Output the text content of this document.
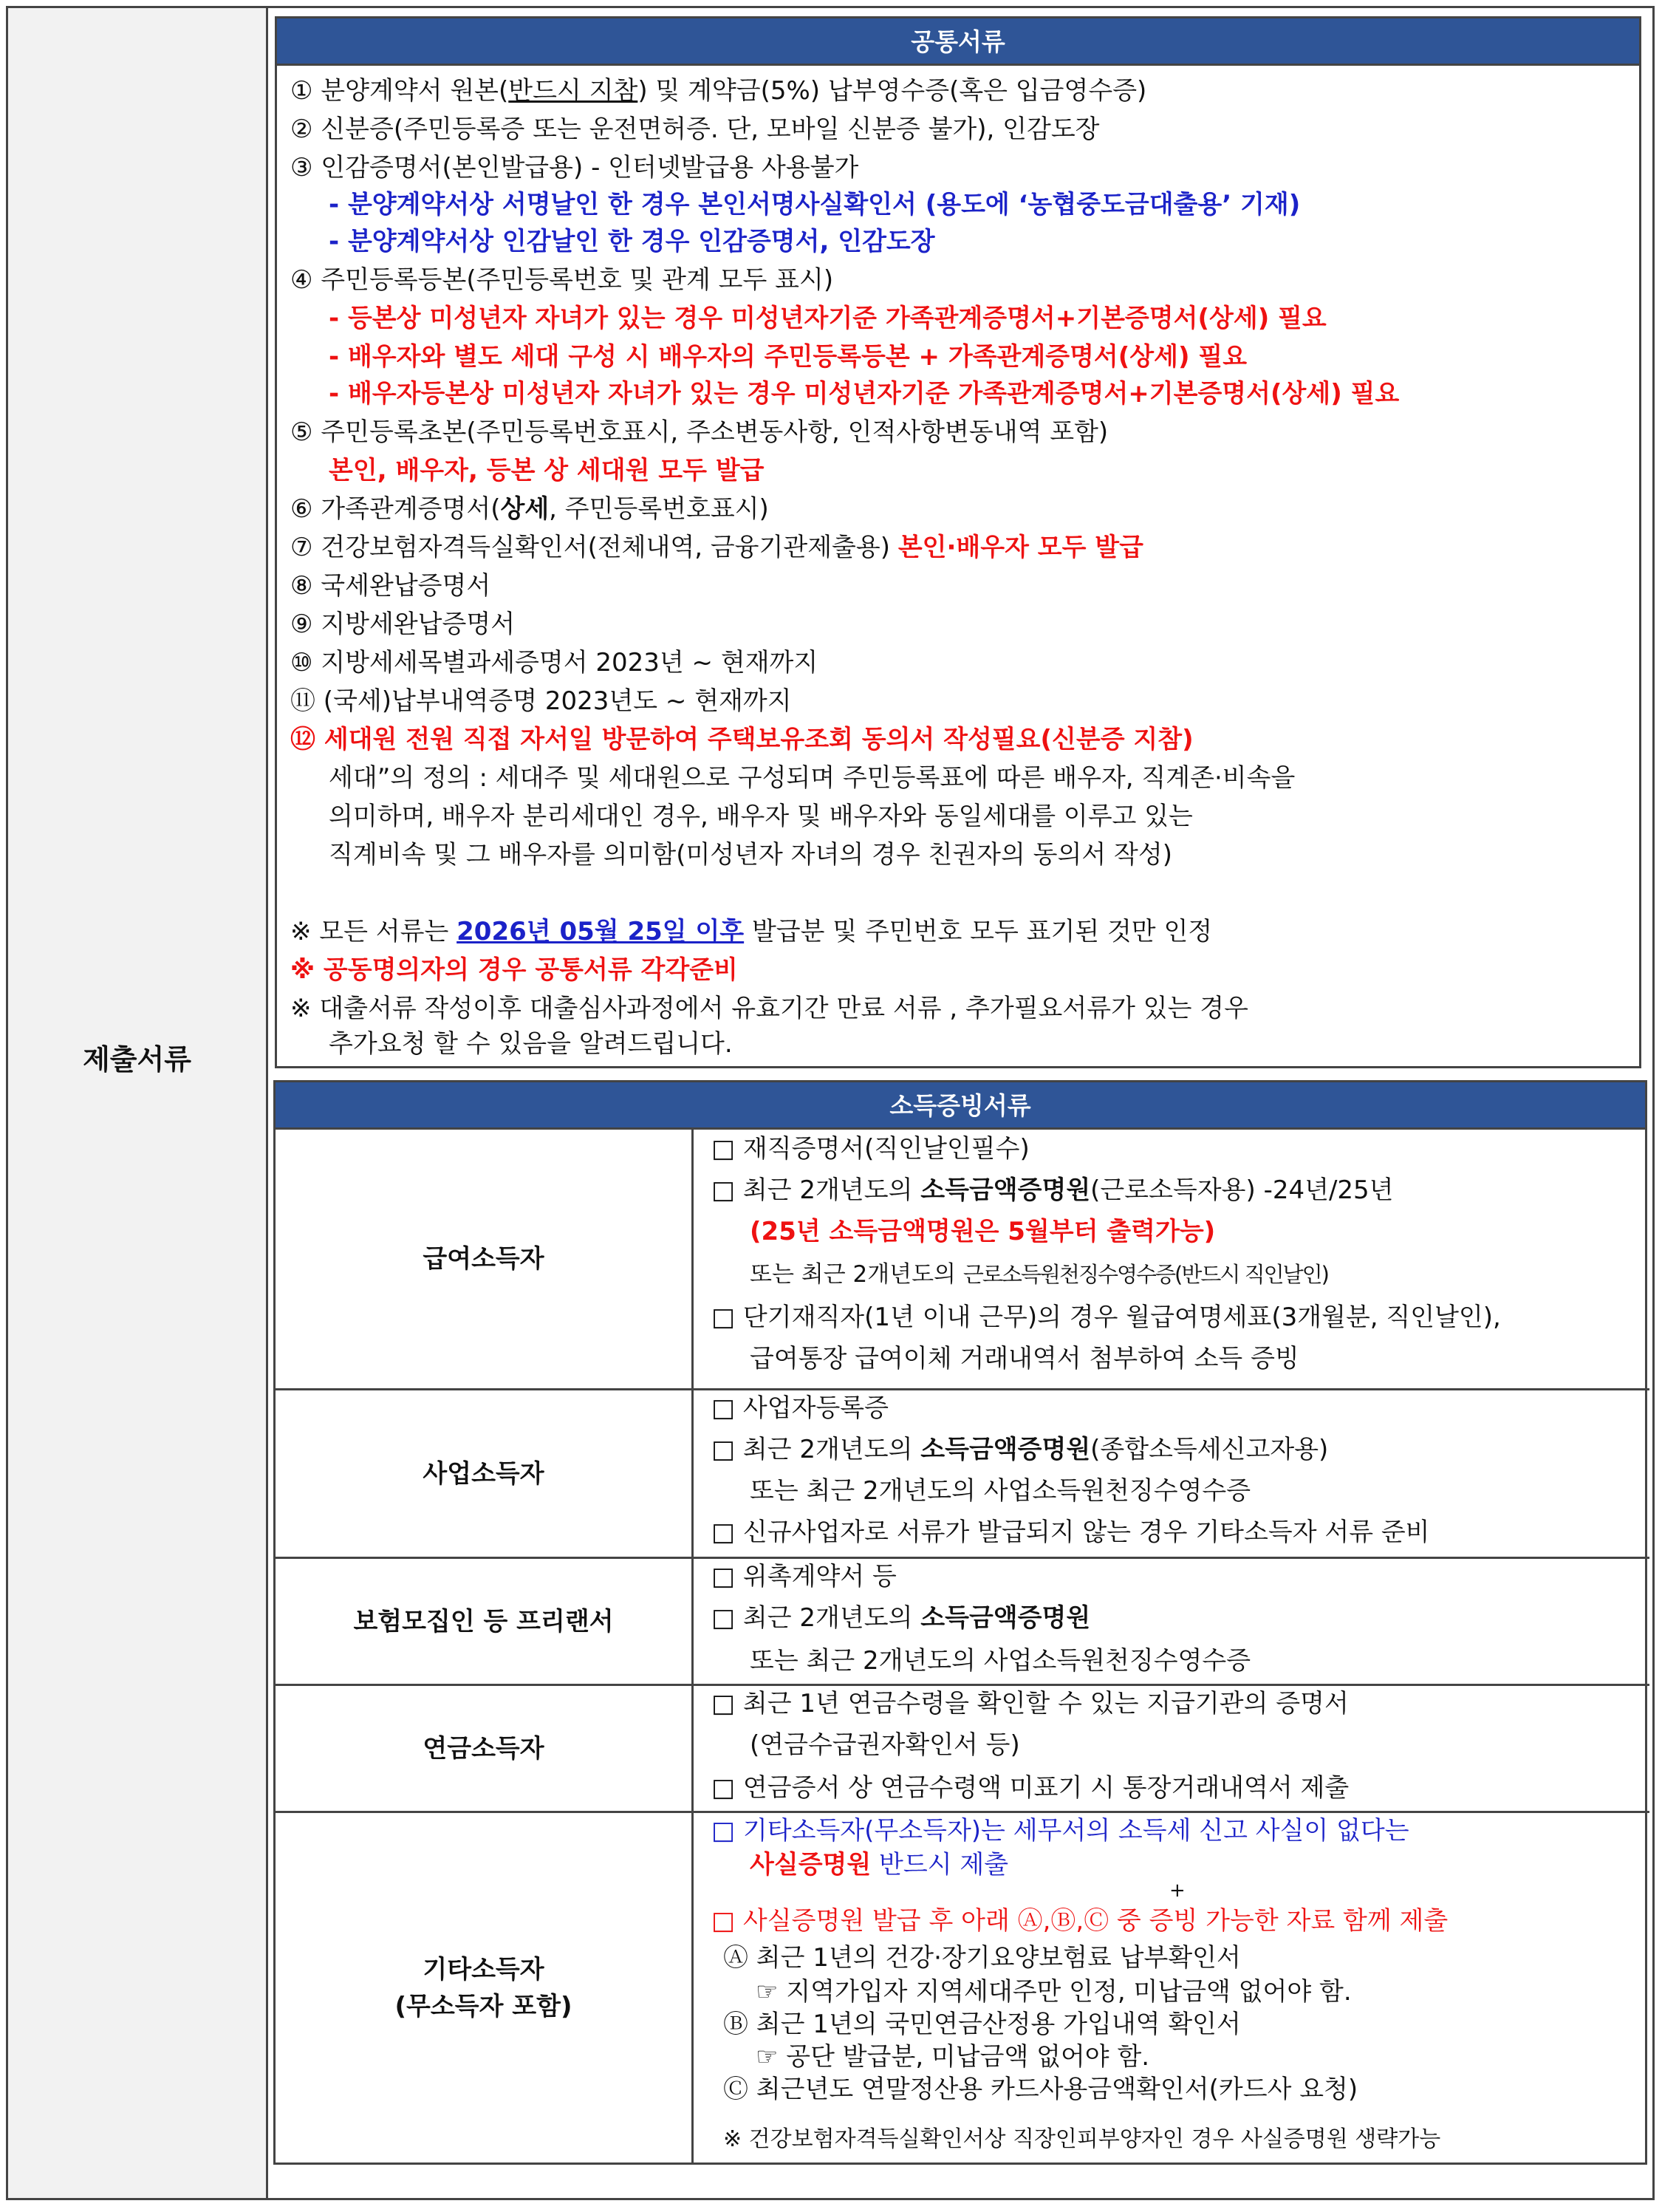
제출서류
공통서류
① 분양계약서 원본(반드시 지참) 및 계약금(5%) 납부영수증(혹은 입금영수증)
② 신분증(주민등록증 또는 운전면허증. 단, 모바일 신분증 불가), 인감도장
③ 인감증명서(본인발급용) - 인터넷발급용 사용불가
- 분양계약서상 서명날인 한 경우 본인서명사실확인서 (용도에 ‘농협중도금대출용’ 기재)
- 분양계약서상 인감날인 한 경우 인감증명서, 인감도장
④ 주민등록등본(주민등록번호 및 관계 모두 표시)
- 등본상 미성년자 자녀가 있는 경우 미성년자기준 가족관계증명서+기본증명서(상세) 필요
- 배우자와 별도 세대 구성 시 배우자의 주민등록등본 + 가족관계증명서(상세) 필요
- 배우자등본상 미성년자 자녀가 있는 경우 미성년자기준 가족관계증명서+기본증명서(상세) 필요
⑤ 주민등록초본(주민등록번호표시, 주소변동사항, 인적사항변동내역 포함)
본인, 배우자, 등본 상 세대원 모두 발급
⑥ 가족관계증명서(상세, 주민등록번호표시)
⑦ 건강보험자격득실확인서(전체내역, 금융기관제출용) 본인·배우자 모두 발급
⑧ 국세완납증명서
⑨ 지방세완납증명서
⑩ 지방세세목별과세증명서 2023년 ~ 현재까지
⑪ (국세)납부내역증명 2023년도 ~ 현재까지
⑫ 세대원 전원 직접 자서일 방문하여 주택보유조회 동의서 작성필요(신분증 지참)
세대”의 정의 : 세대주 및 세대원으로 구성되며 주민등록표에 따른 배우자, 직계존·비속을
의미하며, 배우자 분리세대인 경우, 배우자 및 배우자와 동일세대를 이루고 있는
직계비속 및 그 배우자를 의미함(미성년자 자녀의 경우 친권자의 동의서 작성)
※ 모든 서류는 2026년 05월 25일 이후 발급분 및 주민번호 모두 표기된 것만 인정
※ 공동명의자의 경우 공통서류 각각준비
※ 대출서류 작성이후 대출심사과정에서 유효기간 만료 서류 , 추가필요서류가 있는 경우
추가요청 할 수 있음을 알려드립니다.
소득증빙서류
급여소득자
□ 재직증명서(직인날인필수)
□ 최근 2개년도의 소득금액증명원(근로소득자용) -24년/25년
(25년 소득금액명원은 5월부터 출력가능)
또는 최근 2개년도의 근로소득원천징수영수증(반드시 직인날인)
□ 단기재직자(1년 이내 근무)의 경우 월급여명세표(3개월분, 직인날인),
급여통장 급여이체 거래내역서 첨부하여 소득 증빙
사업소득자
□ 사업자등록증
□ 최근 2개년도의 소득금액증명원(종합소득세신고자용)
또는 최근 2개년도의 사업소득원천징수영수증
□ 신규사업자로 서류가 발급되지 않는 경우 기타소득자 서류 준비
보험모집인 등 프리랜서
□ 위촉계약서 등
□ 최근 2개년도의 소득금액증명원
또는 최근 2개년도의 사업소득원천징수영수증
연금소득자
□ 최근 1년 연금수령을 확인할 수 있는 지급기관의 증명서
(연금수급권자확인서 등)
□ 연금증서 상 연금수령액 미표기 시 통장거래내역서 제출
기타소득자
(무소득자 포함)
□ 기타소득자(무소득자)는 세무서의 소득세 신고 사실이 없다는
사실증명원 반드시 제출
+
□ 사실증명원 발급 후 아래 Ⓐ,Ⓑ,Ⓒ 중 증빙 가능한 자료 함께 제출
Ⓐ 최근 1년의 건강·장기요양보험료 납부확인서
☞ 지역가입자 지역세대주만 인정, 미납금액 없어야 함.
Ⓑ 최근 1년의 국민연금산정용 가입내역 확인서
☞ 공단 발급분, 미납금액 없어야 함.
Ⓒ 최근년도 연말정산용 카드사용금액확인서(카드사 요청)
※ 건강보험자격득실확인서상 직장인피부양자인 경우 사실증명원 생략가능
